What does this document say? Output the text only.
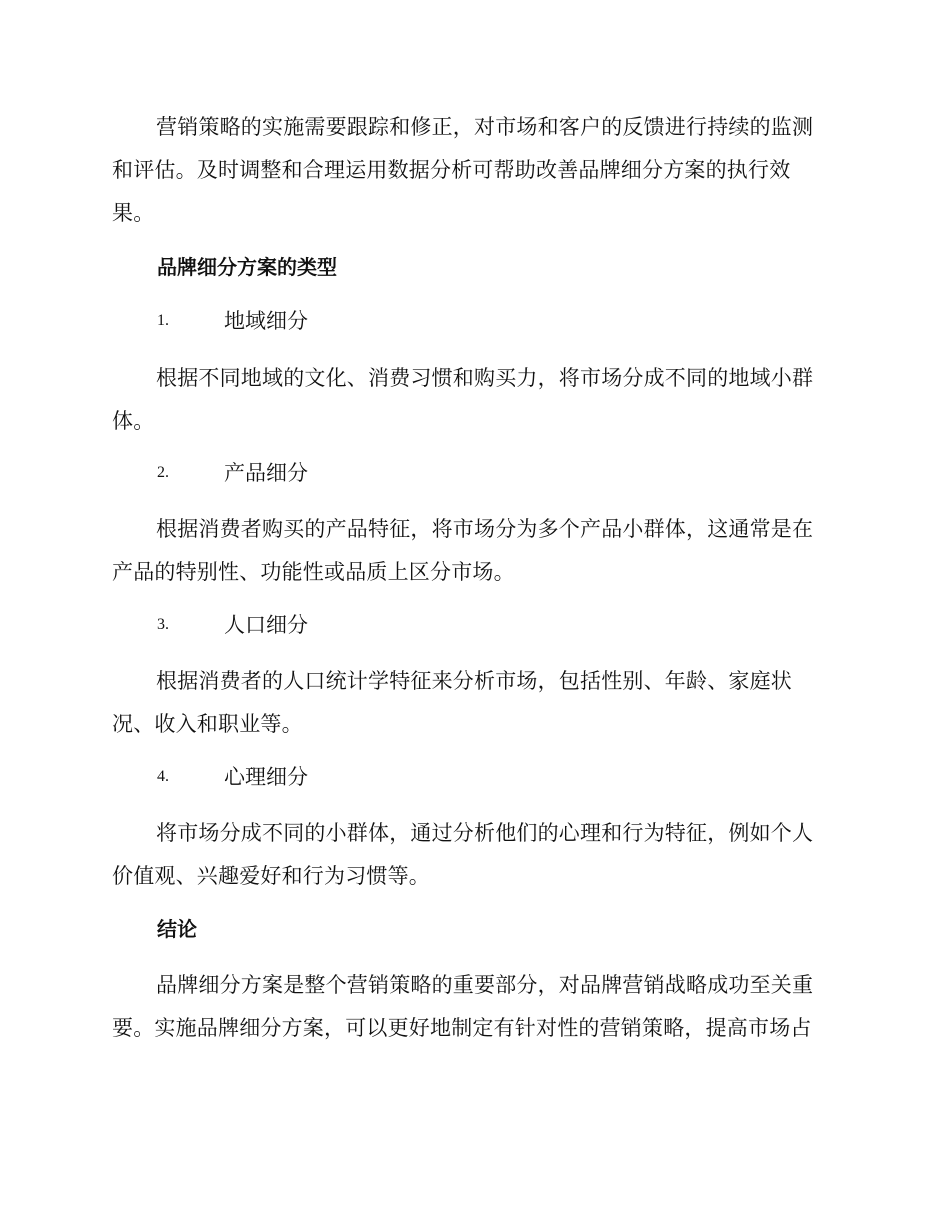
营销策略的实施需要跟踪和修正，对市场和客户的反馈进行持续的监测和评估。及时调整和合理运用数据分析可帮助改善品牌细分方案的执行效果。

品牌细分方案的类型
1.	地域细分

根据不同地域的文化、消费习惯和购买力，将市场分成不同的地域小群体。

2.	产品细分

根据消费者购买的产品特征，将市场分为多个产品小群体，这通常是在产品的特别性、功能性或品质上区分市场。

3.	人口细分

根据消费者的人口统计学特征来分析市场，包括性别、年龄、家庭状况、收入和职业等。

4.	心理细分

将市场分成不同的小群体，通过分析他们的心理和行为特征，例如个人价值观、兴趣爱好和行为习惯等。

结论

品牌细分方案是整个营销策略的重要部分，对品牌营销战略成功至关重要。实施品牌细分方案，可以更好地制定有针对性的营销策略，提高市场占
